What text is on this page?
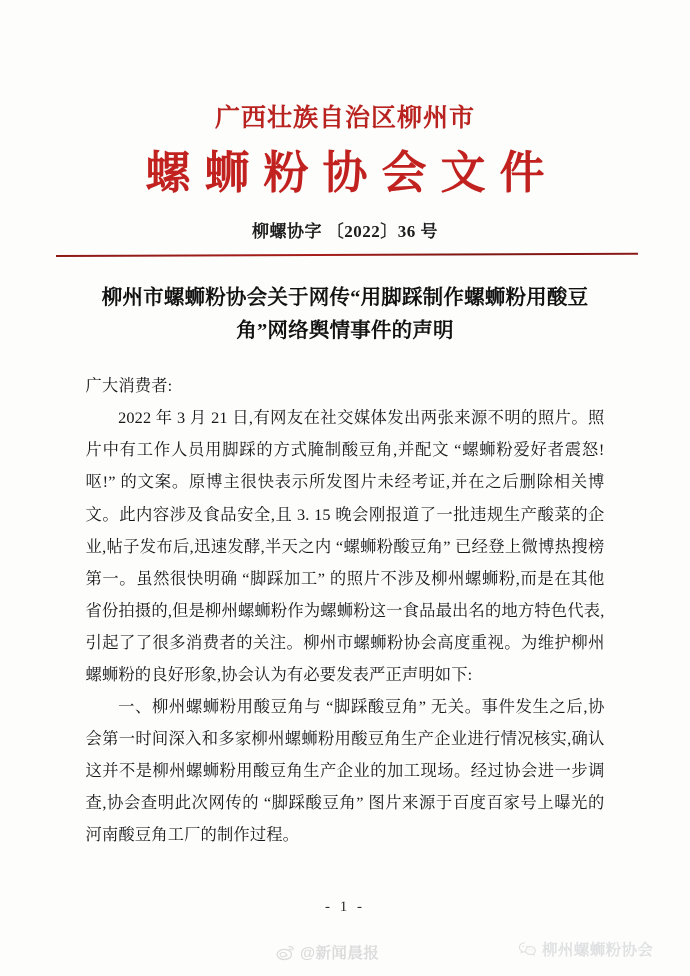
广西壮族自治区柳州市
螺蛳粉协会文件
柳螺协字 〔2022〕36 号
柳州市螺蛳粉协会关于网传“用脚踩制作螺蛳粉用酸豆角”网络舆情事件的声明

广大消费者:

2022 年 3 月 21 日,有网友在社交媒体发出两张来源不明的照片。照片中有工作人员用脚踩的方式腌制酸豆角,并配文 “螺蛳粉爱好者震怒! 呕!” 的文案。原博主很快表示所发图片未经考证,并在之后删除相关博文。此内容涉及食品安全,且 3. 15 晚会刚报道了一批违规生产酸菜的企业,帖子发布后,迅速发酵,半天之内 “螺蛳粉酸豆角” 已经登上微博热搜榜第一。虽然很快明确 “脚踩加工” 的照片不涉及柳州螺蛳粉,而是在其他省份拍摄的,但是柳州螺蛳粉作为螺蛳粉这一食品最出名的地方特色代表,引起了了很多消费者的关注。柳州市螺蛳粉协会高度重视。为维护柳州螺蛳粉的良好形象,协会认为有必要发表严正声明如下:

一、柳州螺蛳粉用酸豆角与 “脚踩酸豆角” 无关。事件发生之后,协会第一时间深入和多家柳州螺蛳粉用酸豆角生产企业进行情况核实,确认这并不是柳州螺蛳粉用酸豆角生产企业的加工现场。经过协会进一步调查,协会查明此次网传的 “脚踩酸豆角” 图片来源于百度百家号上曝光的河南酸豆角工厂的制作过程。

- 1 -
@新闻晨报	柳州螺蛳粉协会
